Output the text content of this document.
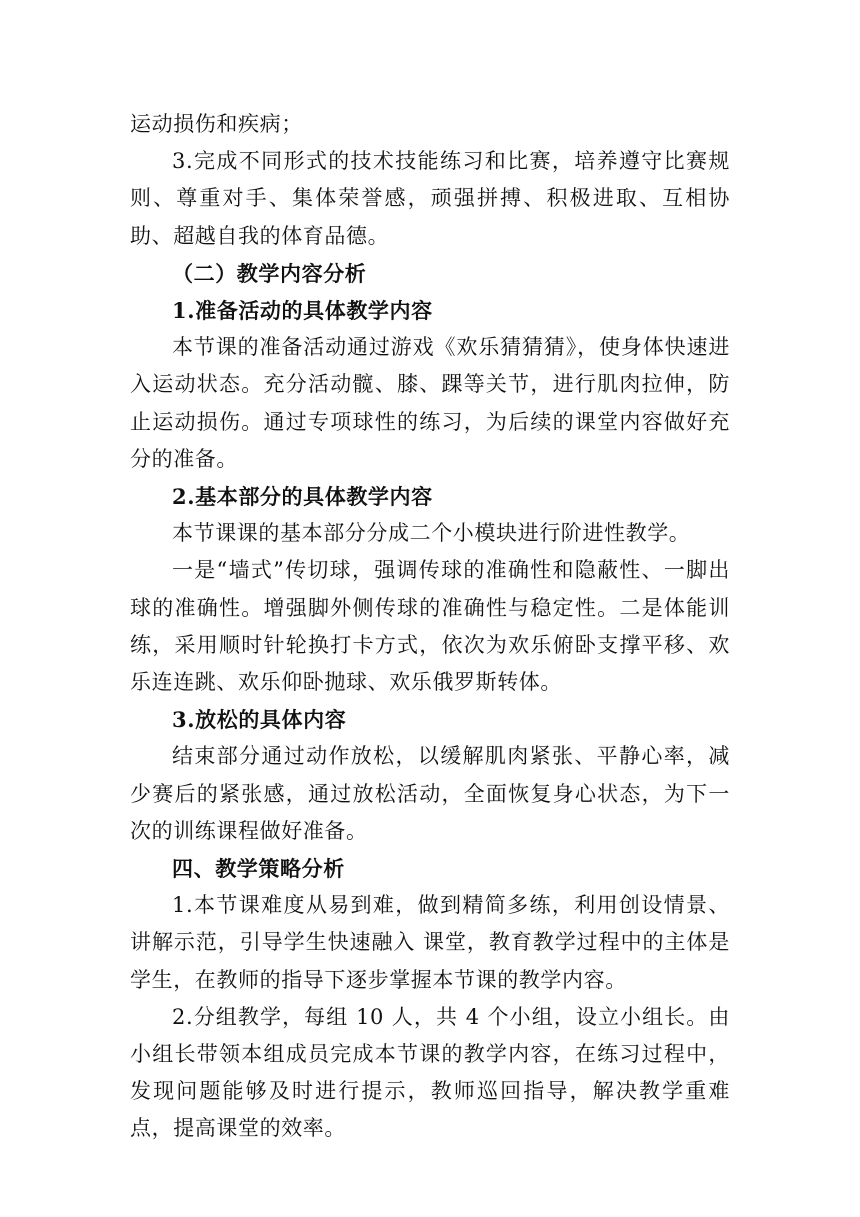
运动损伤和疾病；

3.完成不同形式的技术技能练习和比赛，培养遵守比赛规则、尊重对手、集体荣誉感，顽强拼搏、积极进取、互相协助、超越自我的体育品德。

（二）教学内容分析

1.准备活动的具体教学内容

本节课的准备活动通过游戏《欢乐猜猜猜》，使身体快速进入运动状态。充分活动髋、膝、踝等关节，进行肌肉拉伸，防止运动损伤。通过专项球性的练习，为后续的课堂内容做好充分的准备。

2.基本部分的具体教学内容

本节课课的基本部分分成二个小模块进行阶进性教学。

一是“墙式”传切球，强调传球的准确性和隐蔽性、一脚出球的准确性。增强脚外侧传球的准确性与稳定性。二是体能训练，采用顺时针轮换打卡方式，依次为欢乐俯卧支撑平移、欢乐连连跳、欢乐仰卧抛球、欢乐俄罗斯转体。

3.放松的具体内容

结束部分通过动作放松，以缓解肌肉紧张、平静心率，减少赛后的紧张感，通过放松活动，全面恢复身心状态，为下一次的训练课程做好准备。

四、教学策略分析

1.本节课难度从易到难，做到精简多练，利用创设情景、讲解示范，引导学生快速融入 课堂，教育教学过程中的主体是学生，在教师的指导下逐步掌握本节课的教学内容。

2.分组教学，每组 10 人，共 4 个小组，设立小组长。由小组长带领本组成员完成本节课的教学内容，在练习过程中，发现问题能够及时进行提示，教师巡回指导，解决教学重难点，提高课堂的效率。
